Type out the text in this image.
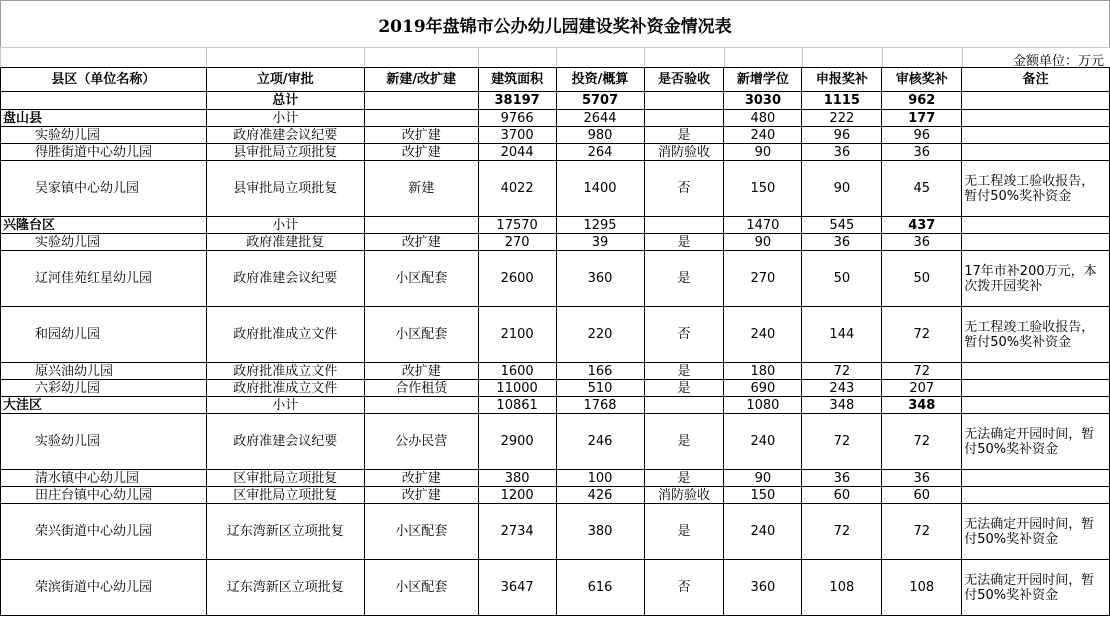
2019年盘锦市公办幼儿园建设奖补资金情况表
金额单位：万元
县区（单位名称）	立项/审批	新建/改扩建	建筑面积	投资/概算	是否验收	新增学位	申报奖补	审核奖补	备注
	总计		38197	5707		3030	1115	962	
盘山县	小计		9766	2644		480	222	177	
实验幼儿园	政府准建会议纪要	改扩建	3700	980	是	240	96	96	
得胜街道中心幼儿园	县审批局立项批复	改扩建	2044	264	消防验收	90	36	36	
吴家镇中心幼儿园	县审批局立项批复	新建	4022	1400	否	150	90	45	无工程竣工验收报告，暂付50%奖补资金
兴隆台区	小计		17570	1295		1470	545	437	
实验幼儿园	政府准建批复	改扩建	270	39	是	90	36	36	
辽河佳苑红星幼儿园	政府准建会议纪要	小区配套	2600	360	是	270	50	50	17年市补200万元，本次拨开园奖补
和园幼儿园	政府批准成立文件	小区配套	2100	220	否	240	144	72	无工程竣工验收报告，暂付50%奖补资金
原兴油幼儿园	政府批准成立文件	改扩建	1600	166	是	180	72	72	
六彩幼儿园	政府批准成立文件	合作租赁	11000	510	是	690	243	207	
大洼区	小计		10861	1768		1080	348	348	
实验幼儿园	政府准建会议纪要	公办民营	2900	246	是	240	72	72	无法确定开园时间，暂付50%奖补资金
清水镇中心幼儿园	区审批局立项批复	改扩建	380	100	是	90	36	36	
田庄台镇中心幼儿园	区审批局立项批复	改扩建	1200	426	消防验收	150	60	60	
荣兴街道中心幼儿园	辽东湾新区立项批复	小区配套	2734	380	是	240	72	72	无法确定开园时间，暂付50%奖补资金
荣滨街道中心幼儿园	辽东湾新区立项批复	小区配套	3647	616	否	360	108	108	无法确定开园时间，暂付50%奖补资金
